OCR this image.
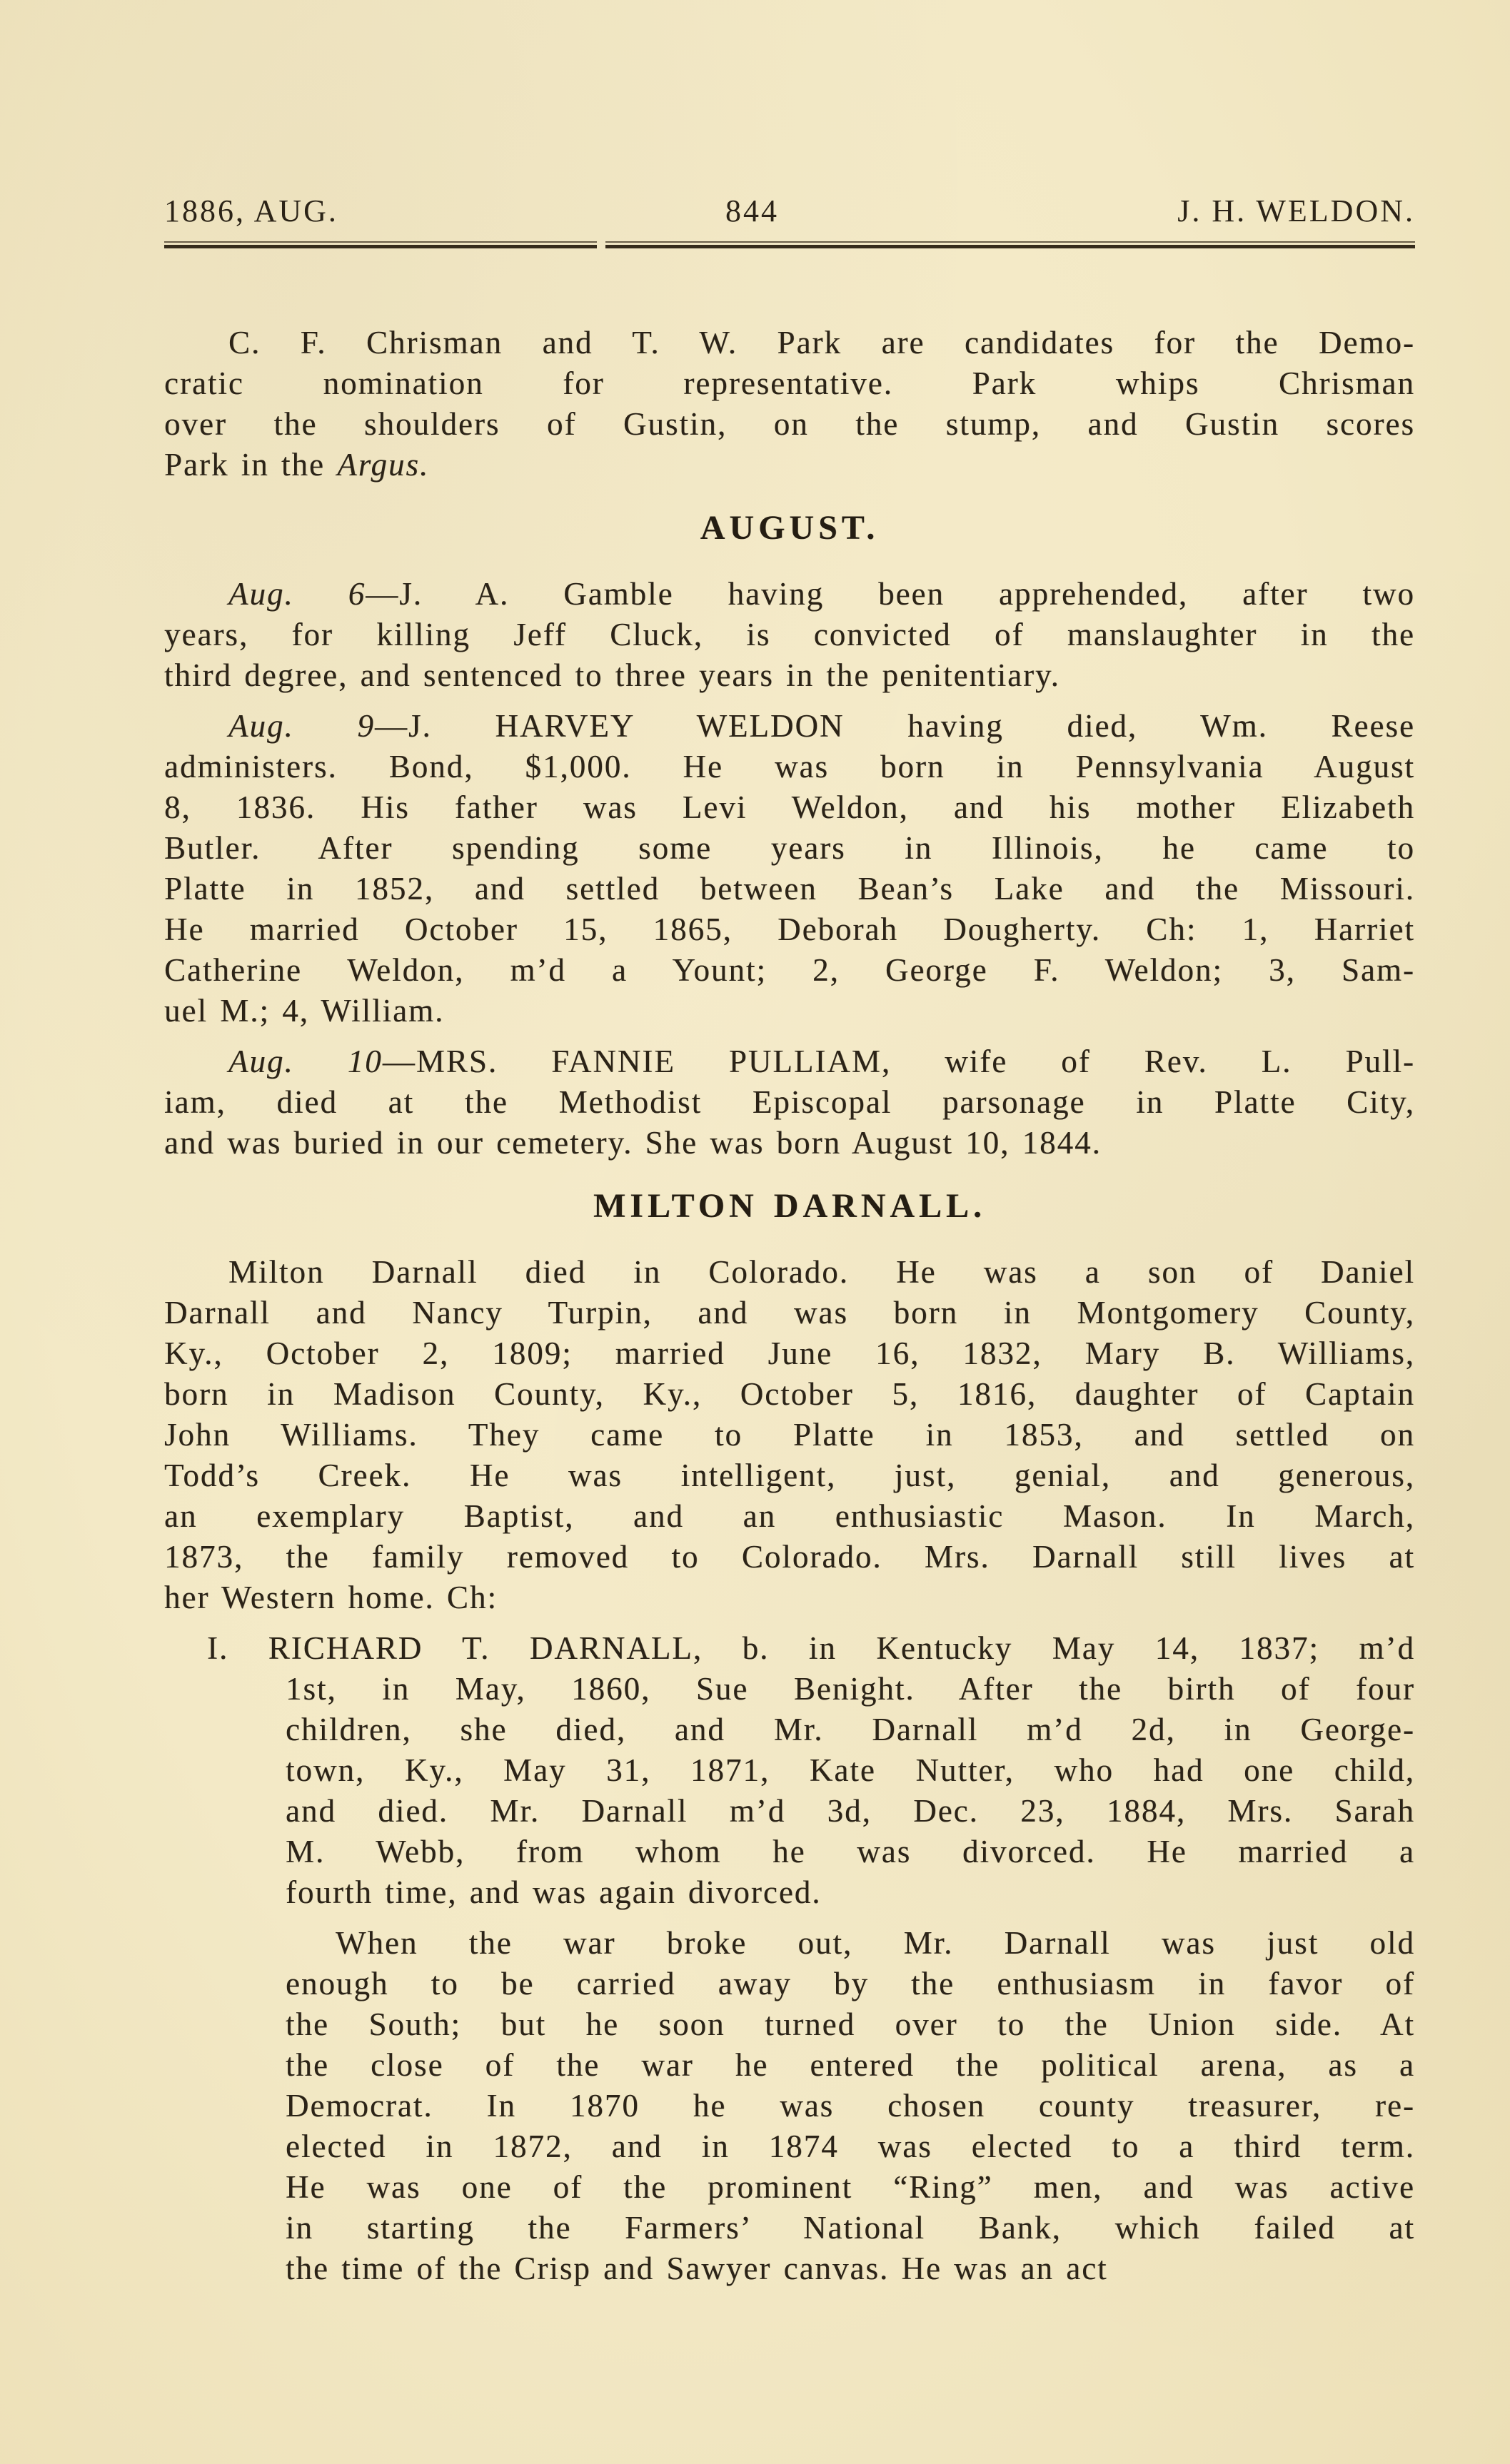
1886, AUG.	844	J. H. WELDON.
C. F. Chrisman and T. W. Park are candidates for the Demo-
cratic nomination for representative. Park whips Chrisman
over the shoulders of Gustin, on the stump, and Gustin scores
Park in the Argus.
AUGUST.
Aug. 6—J. A. Gamble having been apprehended, after two
years, for killing Jeff Cluck, is convicted of manslaughter in the
third degree, and sentenced to three years in the penitentiary.
Aug. 9—J. HARVEY WELDON having died, Wm. Reese
administers. Bond, $1,000. He was born in Pennsylvania August
8, 1836. His father was Levi Weldon, and his mother Elizabeth
Butler. After spending some years in Illinois, he came to
Platte in 1852, and settled between Bean’s Lake and the Missouri.
He married October 15, 1865, Deborah Dougherty. Ch: 1, Harriet
Catherine Weldon, m’d a Yount; 2, George F. Weldon; 3, Sam-
uel M.; 4, William.
Aug. 10—MRS. FANNIE PULLIAM, wife of Rev. L. Pull-
iam, died at the Methodist Episcopal parsonage in Platte City,
and was buried in our cemetery. She was born August 10, 1844.
MILTON DARNALL.
Milton Darnall died in Colorado. He was a son of Daniel
Darnall and Nancy Turpin, and was born in Montgomery County,
Ky., October 2, 1809; married June 16, 1832, Mary B. Williams,
born in Madison County, Ky., October 5, 1816, daughter of Captain
John Williams. They came to Platte in 1853, and settled on
Todd’s Creek. He was intelligent, just, genial, and generous,
an exemplary Baptist, and an enthusiastic Mason. In March,
1873, the family removed to Colorado. Mrs. Darnall still lives at
her Western home. Ch:
I. RICHARD T. DARNALL, b. in Kentucky May 14, 1837; m’d
1st, in May, 1860, Sue Benight. After the birth of four
children, she died, and Mr. Darnall m’d 2d, in George-
town, Ky., May 31, 1871, Kate Nutter, who had one child,
and died. Mr. Darnall m’d 3d, Dec. 23, 1884, Mrs. Sarah
M. Webb, from whom he was divorced. He married a
fourth time, and was again divorced.
When the war broke out, Mr. Darnall was just old
enough to be carried away by the enthusiasm in favor of
the South; but he soon turned over to the Union side. At
the close of the war he entered the political arena, as a
Democrat. In 1870 he was chosen county treasurer, re-
elected in 1872, and in 1874 was elected to a third term.
He was one of the prominent “Ring” men, and was active
in starting the Farmers’ National Bank, which failed at
the time of the Crisp and Sawyer canvas. He was an act
